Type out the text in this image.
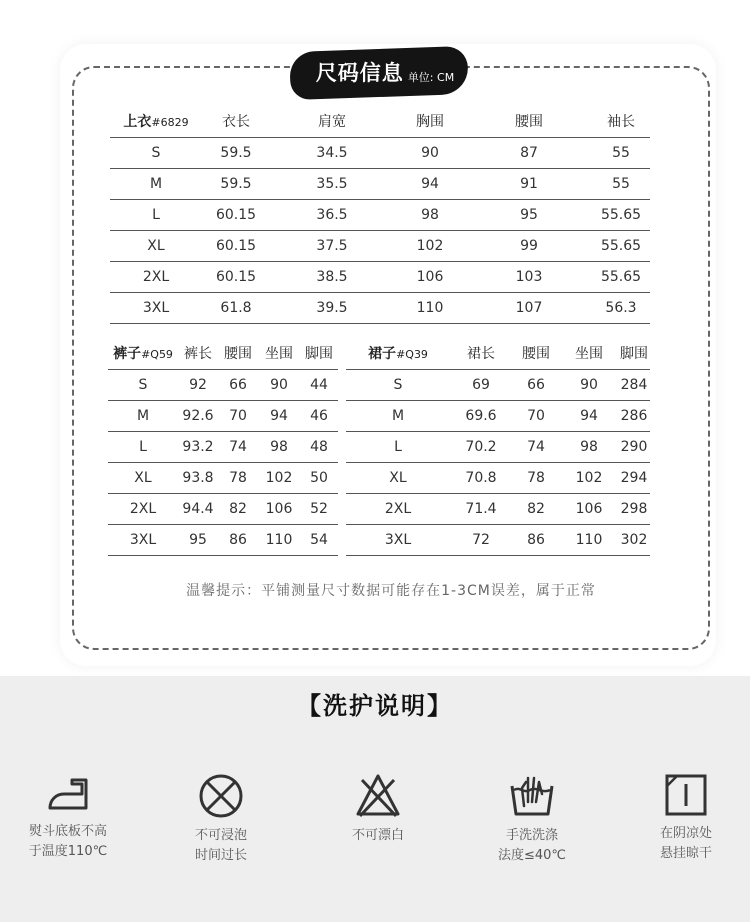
尺码信息 单位: CM
上衣#6829	衣长	肩宽	胸围	腰围	袖长
S	59.5	34.5	90	87	55
M	59.5	35.5	94	91	55
L	60.15	36.5	98	95	55.65
XL	60.15	37.5	102	99	55.65
2XL	60.15	38.5	106	103	55.65
3XL	61.8	39.5	110	107	56.3
裤子#Q59	裤长	腰围	坐围	脚围
S	92	66	90	44
M	92.6	70	94	46
L	93.2	74	98	48
XL	93.8	78	102	50
2XL	94.4	82	106	52
3XL	95	86	110	54
裙子#Q39	裙长	腰围	坐围	脚围
S	69	66	90	284
M	69.6	70	94	286
L	70.2	74	98	290
XL	70.8	78	102	294
2XL	71.4	82	106	298
3XL	72	86	110	302
温馨提示：平铺测量尺寸数据可能存在1-3CM误差，属于正常
【洗护说明】
熨斗底板不高
于温度110℃
不可浸泡
时间过长
不可漂白	手洗洗涤
法度≤40℃
在阴凉处
悬挂晾干
